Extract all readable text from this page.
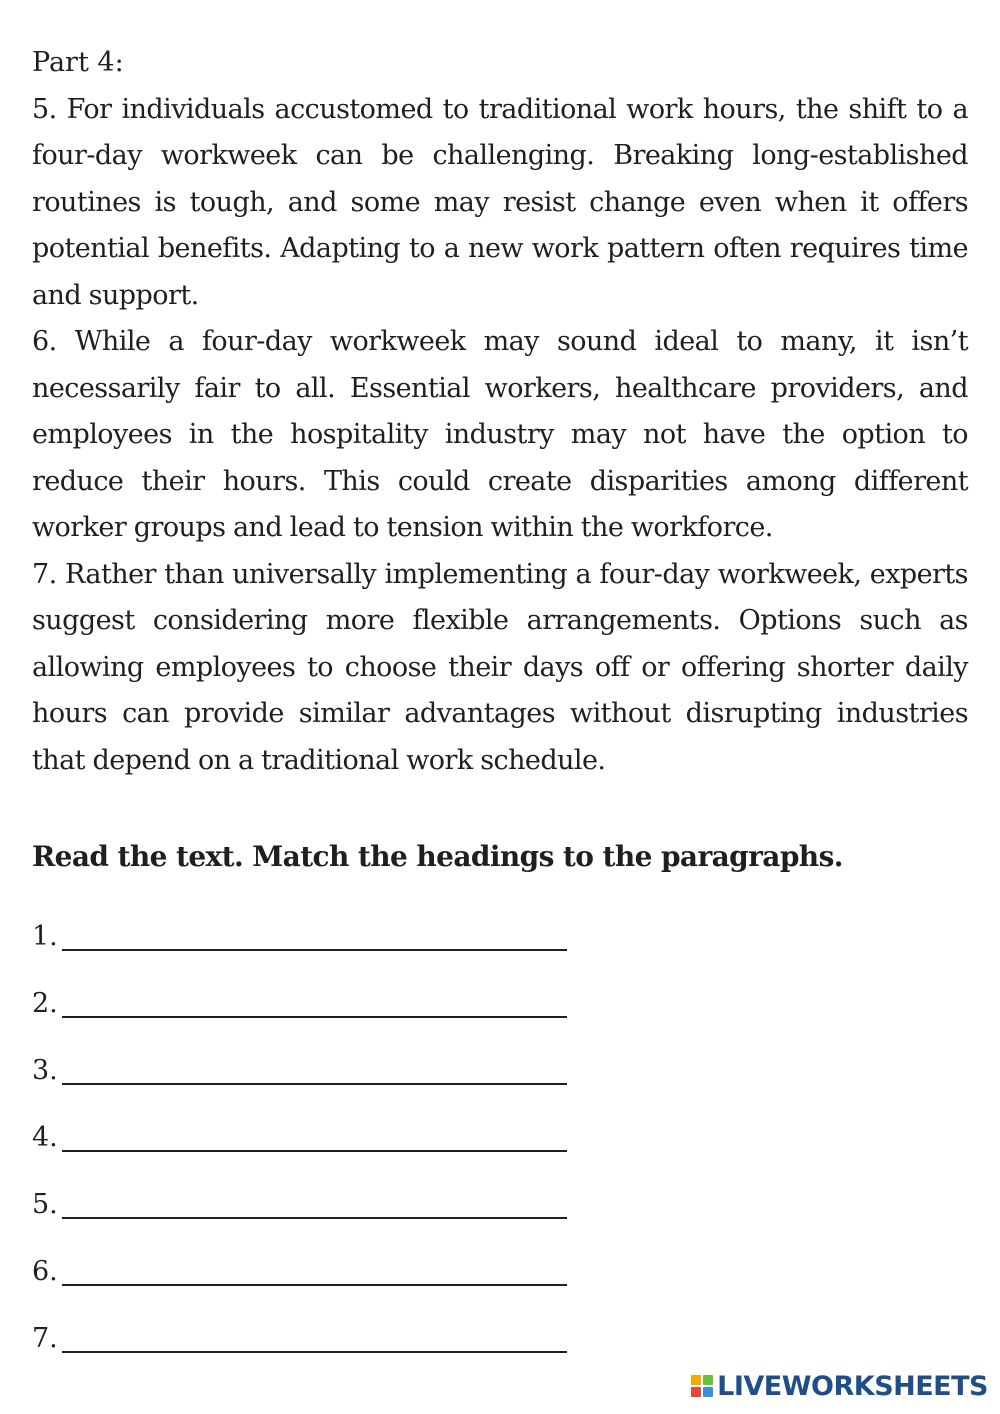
Part 4:

5. For individuals accustomed to traditional work hours, the shift to a four-day workweek can be challenging. Breaking long-established routines is tough, and some may resist change even when it offers potential benefits. Adapting to a new work pattern often requires time and support.

6. While a four-day workweek may sound ideal to many, it isn’t necessarily fair to all. Essential workers, healthcare providers, and employees in the hospitality industry may not have the option to reduce their hours. This could create disparities among different worker groups and lead to tension within the workforce.

7. Rather than universally implementing a four-day workweek, experts suggest considering more flexible arrangements. Options such as allowing employees to choose their days off or offering shorter daily hours can provide similar advantages without disrupting industries that depend on a traditional work schedule.

Read the text. Match the headings to the paragraphs.
1.
2.
3.
4.
5.
6.
7.
LIVEWORKSHEETS
